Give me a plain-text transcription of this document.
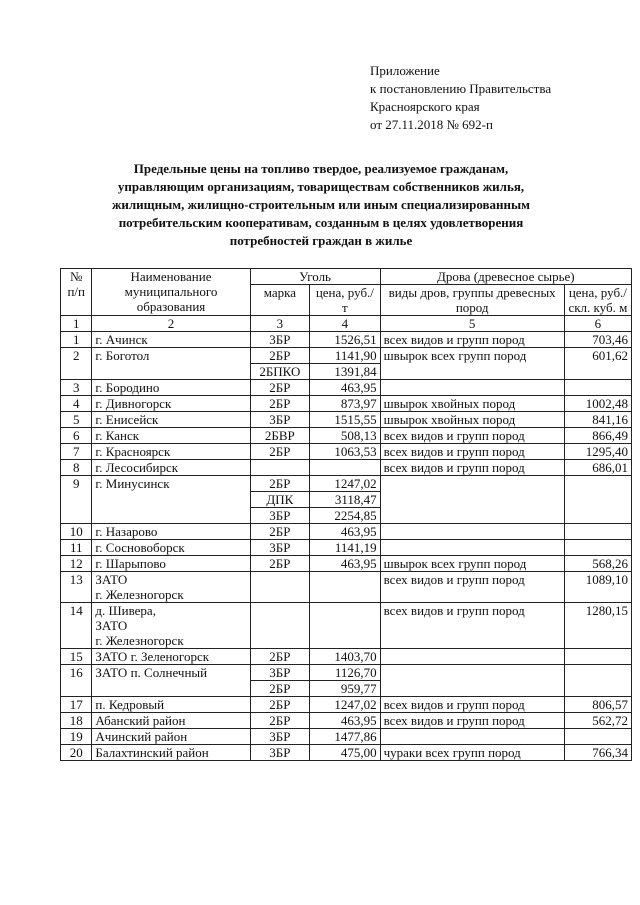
Приложение
к постановлению Правительства
Красноярского края
от 27.11.2018 № 692-п
Предельные цены на топливо твердое, реализуемое гражданам,
управляющим организациям, товариществам собственников жилья,
жилищным, жилищно-строительным или иным специализированным
потребительским кооперативам, созданным в целях удовлетворения
потребностей граждан в жилье
№ п/п	Наименование муниципального образования	Уголь		Дрова (древесное сырье)	
		марка	цена, руб./т	виды дров, группы древесных пород	цена, руб./скл. куб. м
1	2	3	4	5	6
1	г. Ачинск	3БР	1526,51	всех видов и групп пород	703,46
2	г. Боготол	2БР	1141,90	швырок всех групп пород	601,62
		2БПКО	1391,84		
3	г. Бородино	2БР	463,95		
4	г. Дивногорск	2БР	873,97	швырок хвойных пород	1002,48
5	г. Енисейск	3БР	1515,55	швырок хвойных пород	841,16
6	г. Канск	2БВР	508,13	всех видов и групп пород	866,49
7	г. Красноярск	2БР	1063,53	всех видов и групп пород	1295,40
8	г. Лесосибирск			всех видов и групп пород	686,01
9	г. Минусинск	2БР	1247,02		
		ДПК	3118,47		
		3БР	2254,85		
10	г. Назарово	2БР	463,95		
11	г. Сосновоборск	3БР	1141,19		
12	г. Шарыпово	2БР	463,95	швырок всех групп пород	568,26
13	ЗАТО
г. Железногорск			всех видов и групп пород	1089,10
14	д. Шивера,
ЗАТО
г. Железногорск			всех видов и групп пород	1280,15
15	ЗАТО г. Зеленогорск	2БР	1403,70		
16	ЗАТО п. Солнечный	3БР	1126,70		
		2БР	959,77		
17	п. Кедровый	2БР	1247,02	всех видов и групп пород	806,57
18	Абанский район	2БР	463,95	всех видов и групп пород	562,72
19	Ачинский район	3БР	1477,86		
20	Балахтинский район	3БР	475,00	чураки всех групп пород	766,34
